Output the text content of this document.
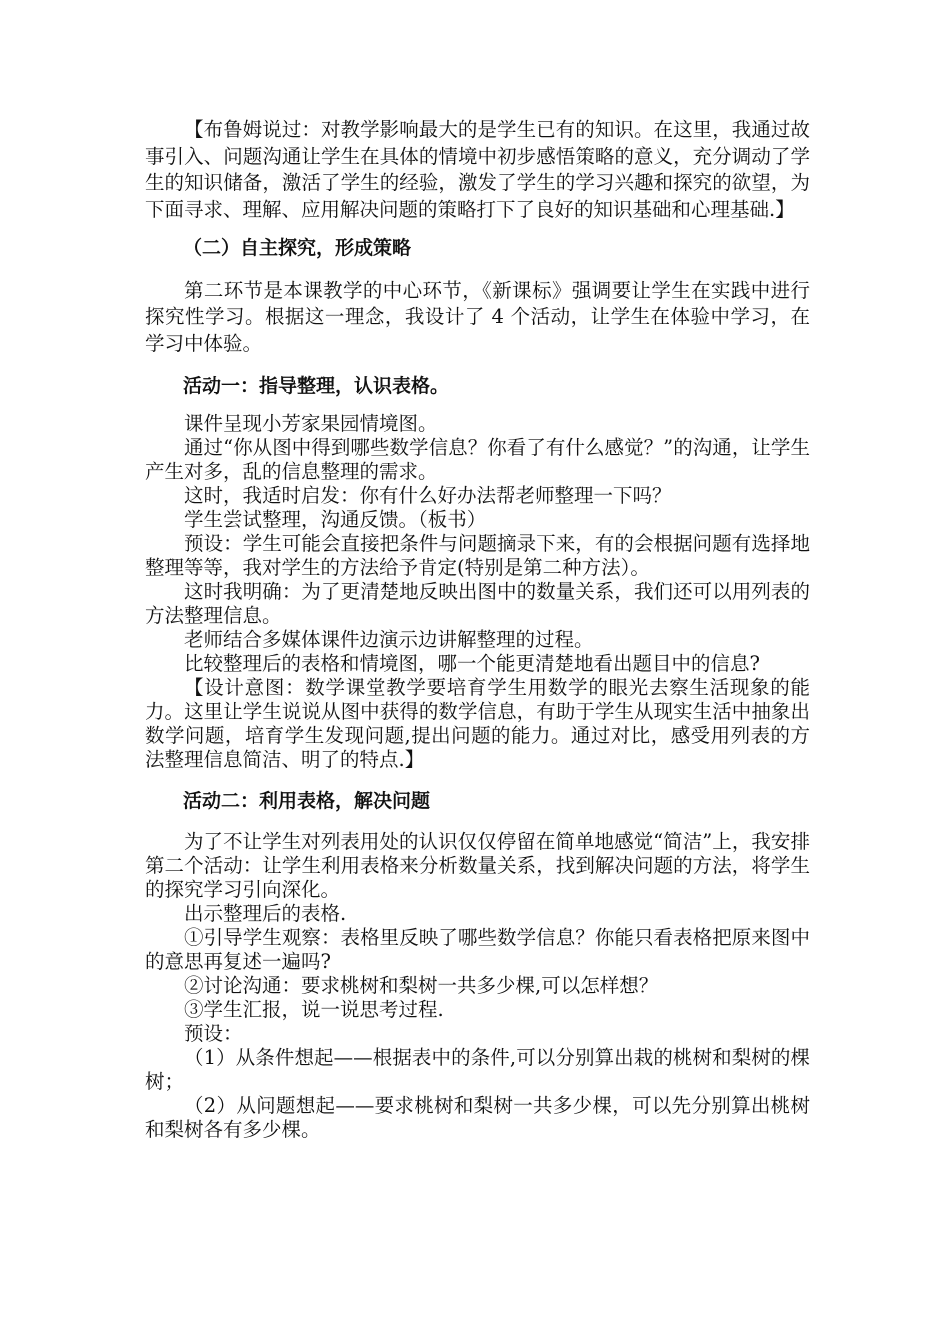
【布鲁姆说过：对教学影响最大的是学生已有的知识。在这里，我通过故事引入、问题沟通让学生在具体的情境中初步感悟策略的意义，充分调动了学生的知识储备，激活了学生的经验，激发了学生的学习兴趣和探究的欲望，为下面寻求、理解、应用解决问题的策略打下了良好的知识基础和心理基础.】

（二）自主探究，形成策略

第二环节是本课教学的中心环节，《新课标》强调要让学生在实践中进行探究性学习。根据这一理念，我设计了 4 个活动，让学生在体验中学习，在学习中体验。

活动一：指导整理，认识表格。

课件呈现小芳家果园情境图。

通过“你从图中得到哪些数学信息？你看了有什么感觉？”的沟通，让学生产生对多，乱的信息整理的需求。

这时，我适时启发：你有什么好办法帮老师整理一下吗？

学生尝试整理，沟通反馈。（板书）

预设：学生可能会直接把条件与问题摘录下来，有的会根据问题有选择地整理等等，我对学生的方法给予肯定(特别是第二种方法）。

这时我明确：为了更清楚地反映出图中的数量关系，我们还可以用列表的方法整理信息。

老师结合多媒体课件边演示边讲解整理的过程。

比较整理后的表格和情境图，哪一个能更清楚地看出题目中的信息?

【设计意图：数学课堂教学要培育学生用数学的眼光去察生活现象的能力。这里让学生说说从图中获得的数学信息，有助于学生从现实生活中抽象出数学问题，培育学生发现问题,提出问题的能力。通过对比，感受用列表的方法整理信息简洁、明了的特点.】

活动二：利用表格，解决问题

为了不让学生对列表用处的认识仅仅停留在简单地感觉“简洁”上，我安排第二个活动：让学生利用表格来分析数量关系，找到解决问题的方法，将学生的探究学习引向深化。

出示整理后的表格.

①引导学生观察：表格里反映了哪些数学信息？你能只看表格把原来图中的意思再复述一遍吗?

②讨论沟通：要求桃树和梨树一共多少棵,可以怎样想？

③学生汇报，说一说思考过程.

预设：

（1）从条件想起——根据表中的条件,可以分别算出栽的桃树和梨树的棵树；

（2）从问题想起——要求桃树和梨树一共多少棵，可以先分别算出桃树和梨树各有多少棵。
